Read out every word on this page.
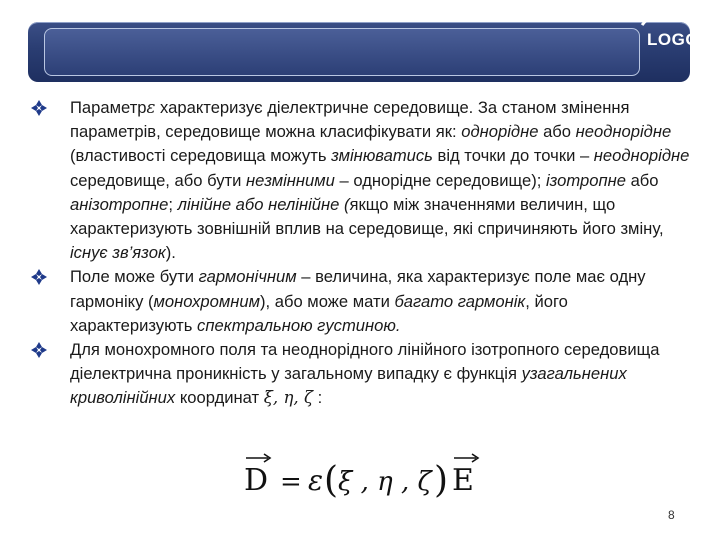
LOGO
Параметрε характеризує діелектричне середовище. За станом змінення параметрів, середовище можна класифікувати як: однорідне або неоднорідне (властивості середовища можуть змінюватись від точки до точки – неоднорідне середовище, або бути незмінними – однорідне середовище); ізотропне або анізотропне; лінійне або нелінійне (якщо між значеннями величин, що характеризують зовнішній вплив на середовище, які спричиняють його зміну, існує зв’язок).
Поле може бути гармонічним – величина, яка характеризує поле має одну гармоніку (монохромним), або може мати багато гармонік, його характеризують спектральною густиною.
Для монохромного поля та неоднорідного лінійного ізотропного середовища діелектрична проникність у загальному випадку є функція узагальнених криволінійних координат ξ, η, ζ :
D = ε ( ξ , η , ζ ) E
8
